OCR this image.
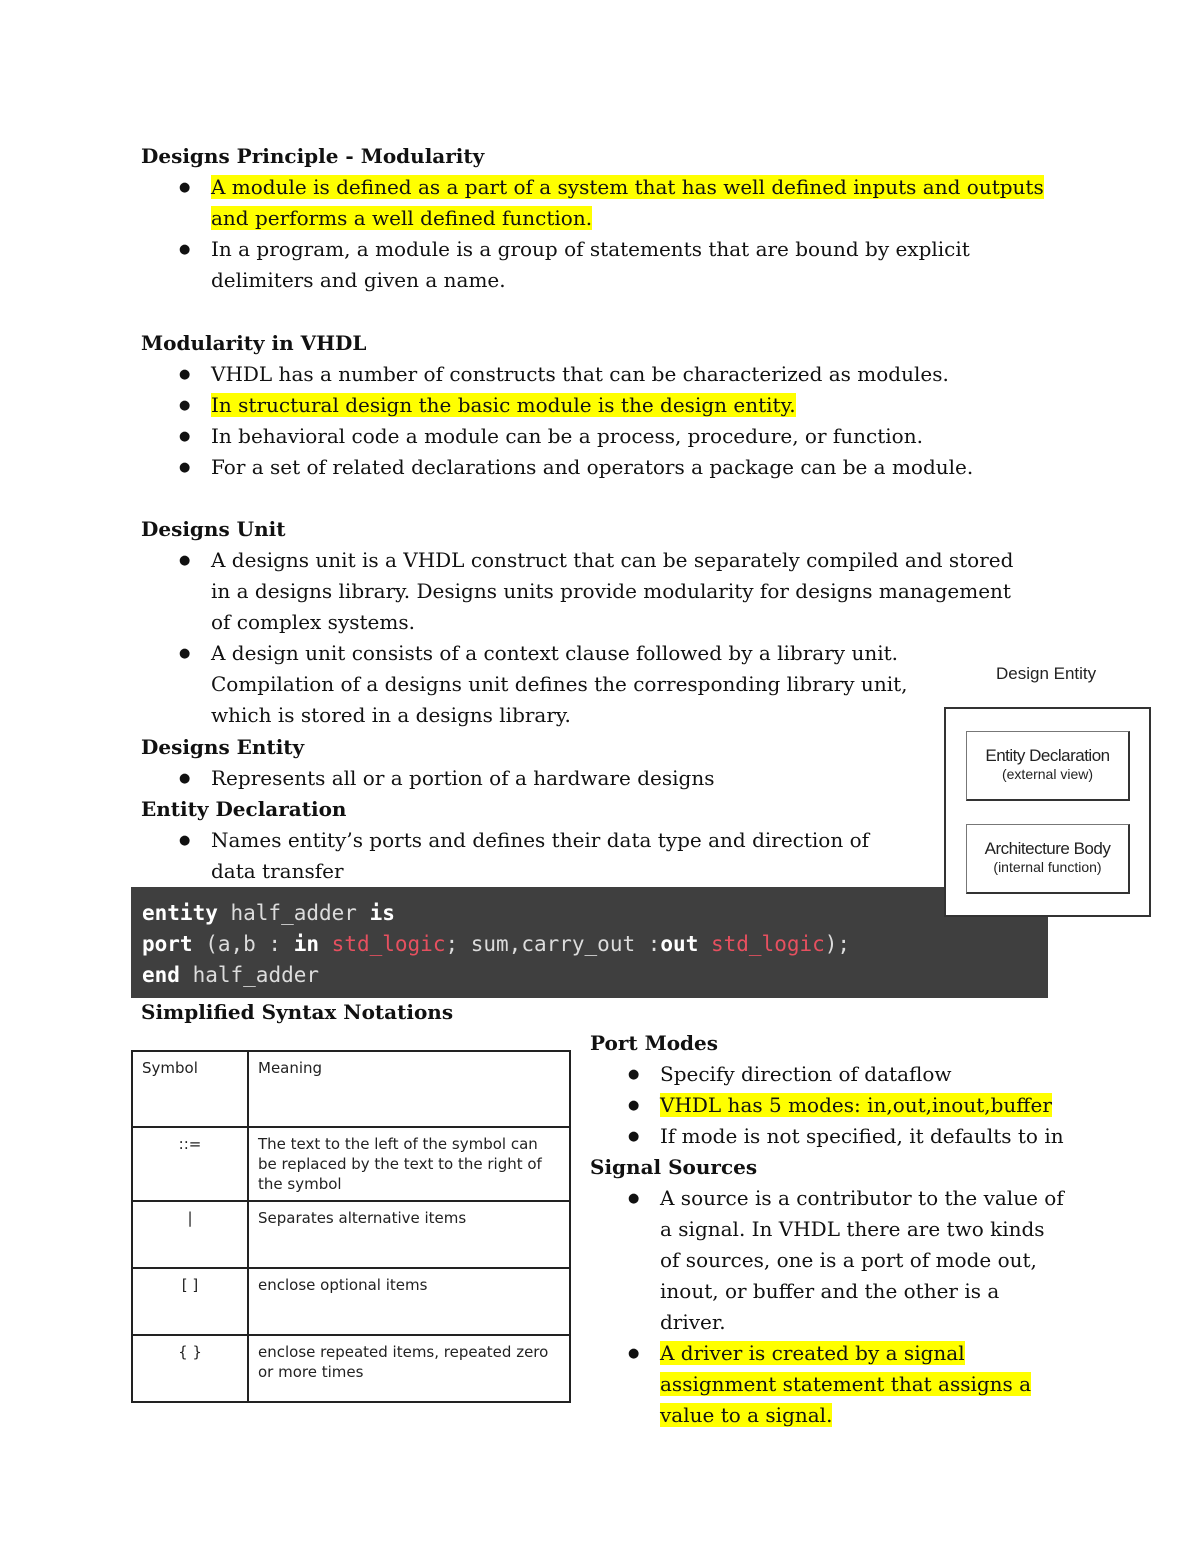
Designs Principle - Modularity
● A module is defined as a part of a system that has well defined inputs and outputs and performs a well defined function.
● In a program, a module is a group of statements that are bound by explicit delimiters and given a name.
Modularity in VHDL
● VHDL has a number of constructs that can be characterized as modules.
● In structural design the basic module is the design entity.
● In behavioral code a module can be a process, procedure, or function.
● For a set of related declarations and operators a package can be a module.
Designs Unit
● A designs unit is a VHDL construct that can be separately compiled and stored in a designs library. Designs units provide modularity for designs management of complex systems.
● A design unit consists of a context clause followed by a library unit. Compilation of a designs unit defines the corresponding library unit, which is stored in a designs library.
Designs Entity
● Represents all or a portion of a hardware designs
Entity Declaration
● Names entity’s ports and defines their data type and direction of data transfer
entity half_adder is
port (a,b : in std_logic; sum,carry_out :out std_logic);
end half_adder
Design Entity
Entity Declaration
(external view)
Architecture Body
(internal function)
Simplified Syntax Notations
Symbol	Meaning
::=	The text to the left of the symbol can be replaced by the text to the right of the symbol
|	Separates alternative items
[ ]	enclose optional items
{ }	enclose repeated items, repeated zero or more times
Port Modes
● Specify direction of dataflow
● VHDL has 5 modes: in,out,inout,buffer
● If mode is not specified, it defaults to in
Signal Sources
● A source is a contributor to the value of a signal. In VHDL there are two kinds of sources, one is a port of mode out, inout, or buffer and the other is a driver.
● A driver is created by a signal assignment statement that assigns a value to a signal.
